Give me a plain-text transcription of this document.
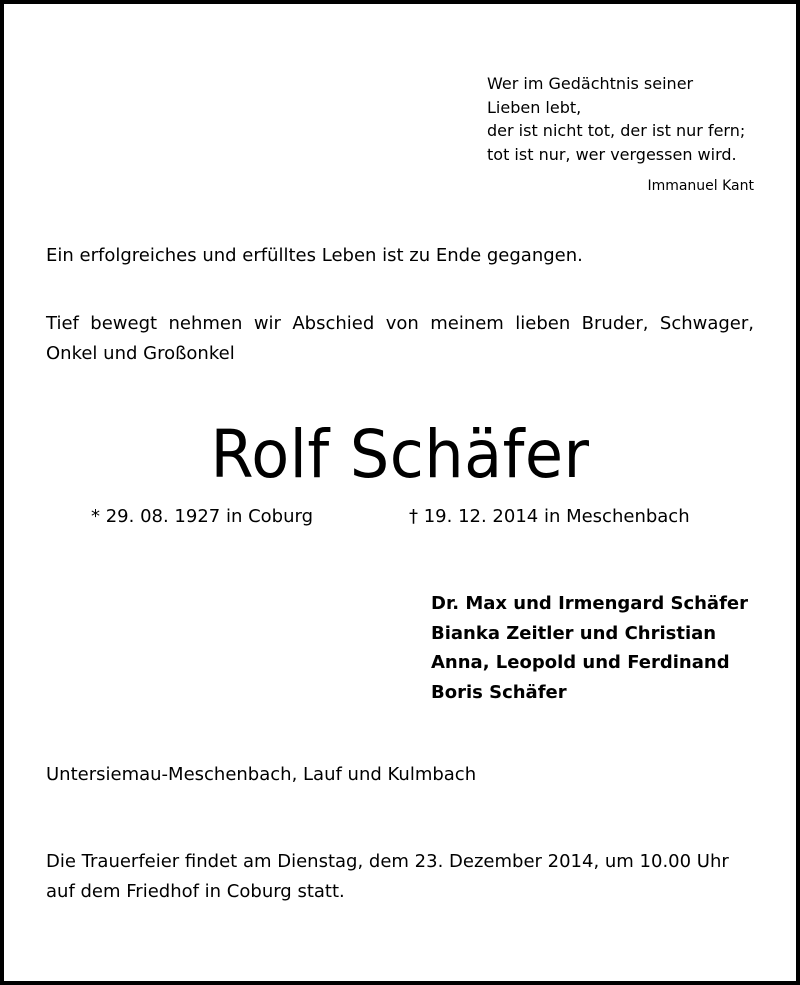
Wer im Gedächtnis seiner
Lieben lebt,
der ist nicht tot, der ist nur fern;
tot ist nur, wer vergessen wird.
Immanuel Kant
Ein erfolgreiches und erfülltes Leben ist zu Ende gegangen.
Tief bewegt nehmen wir Abschied von meinem lieben Bruder, Schwager, Onkel und Großonkel
Rolf Schäfer
* 29. 08. 1927 in Coburg	† 19. 12. 2014 in Meschenbach
Dr. Max und Irmengard Schäfer
Bianka Zeitler und Christian
Anna, Leopold und Ferdinand
Boris Schäfer
Untersiemau-Meschenbach, Lauf und Kulmbach
Die Trauerfeier findet am Dienstag, dem 23. Dezember 2014, um 10.00 Uhr
auf dem Friedhof in Coburg statt.
